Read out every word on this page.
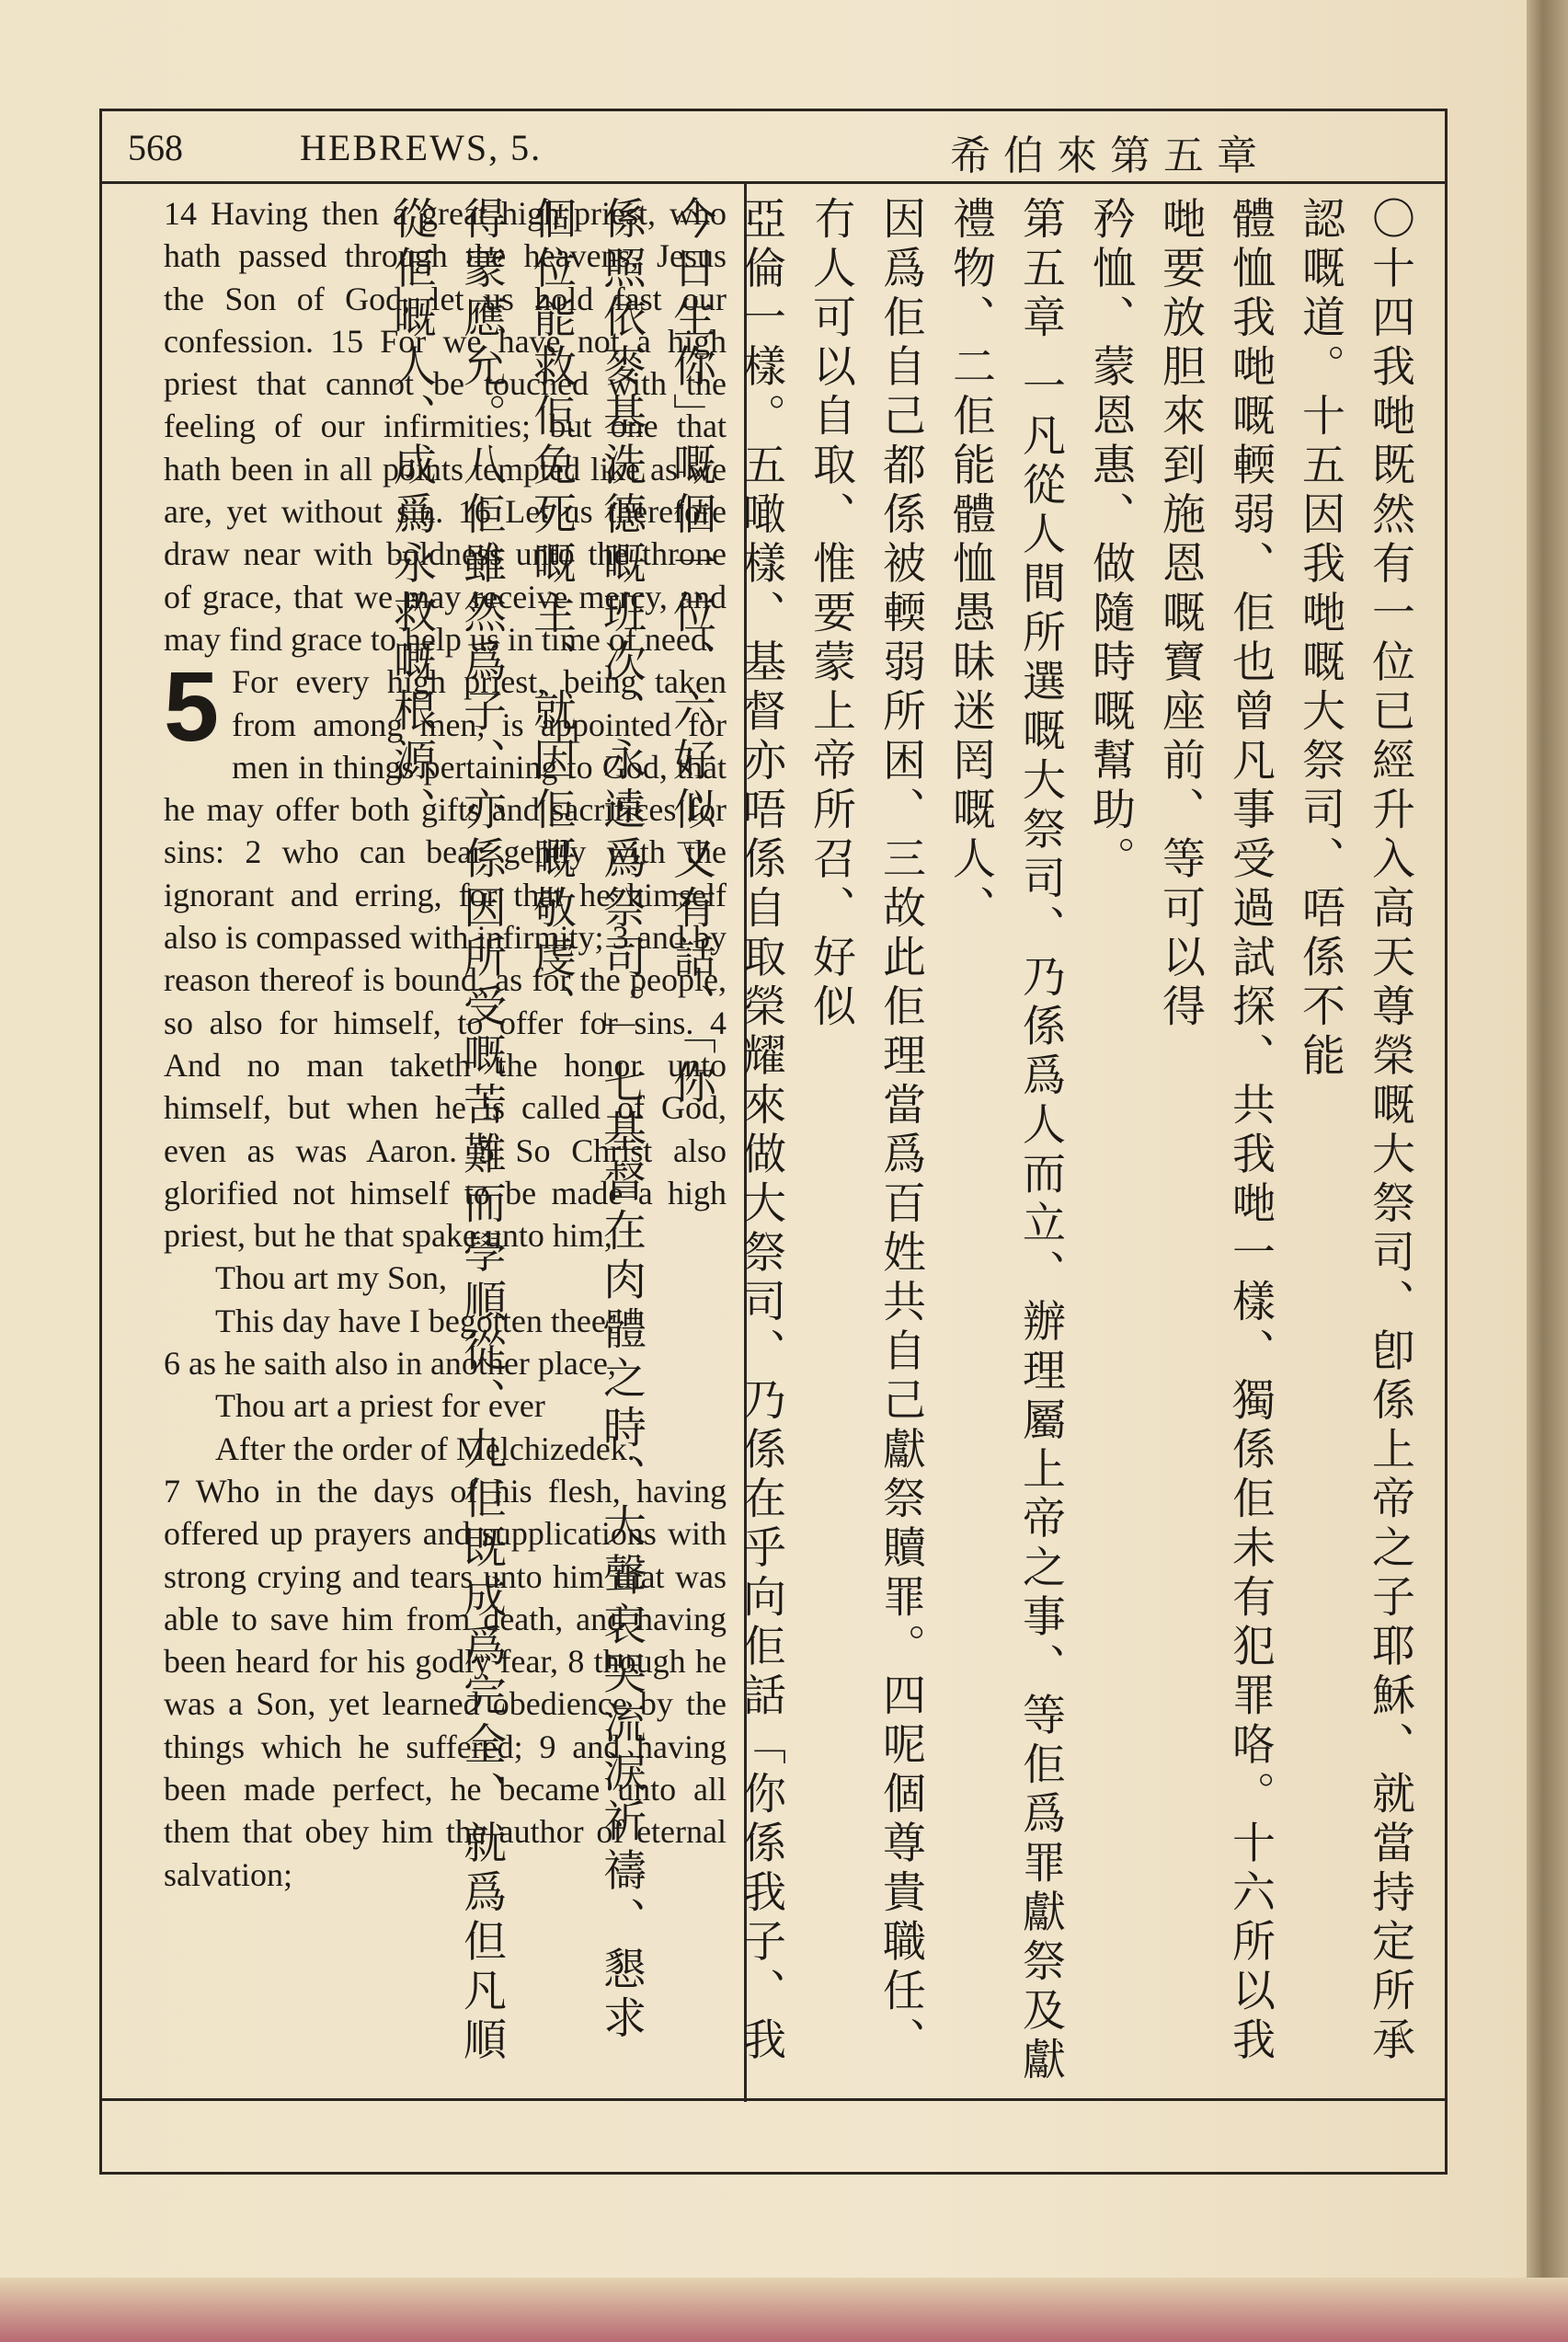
568	HEBREWS, 5.	希伯來第五章

14 Having then a great high priest, who hath passed through the heavens, Jesus the Son of God, let us hold fast our confession. 15 For we have not a high priest that cannot be touched with the feeling of our infirmities; but one that hath been in all points tempted like as we are, yet without sin. 16 Let us therefore draw near with boldness unto the throne of grace, that we may receive mercy, and may find grace to help us in time of need.

5 For every high priest, being taken from among men, is appointed for men in things pertaining to God, that he may offer both gifts and sacrifices for sins: 2 who can bear gently with the ignorant and erring, for that he himself also is compassed with infirmity; 3 and by reason thereof is bound, as for the people, so also for himself, to offer for sins. 4 And no man taketh the honor unto himself, but when he is called of God, even as was Aaron. 5 So Christ also glorified not himself to be made a high priest, but he that spake unto him,

Thou art my Son,

This day have I begotten thee:

6 as he saith also in another place,

Thou art a priest for ever

After the order of Melchizedek.

7 Who in the days of his flesh, having offered up prayers and supplications with strong crying and tears unto him that was able to save him from death, and having been heard for his godly fear, 8 though he was a Son, yet learned obedience by the things which he suffered; 9 and having been made perfect, he became unto all them that obey him the author of eternal salvation;	〇十四我哋既然有一位已經升入高天尊榮嘅大祭司、卽係上帝之子耶穌、就當持定所承認嘅道。十五因我哋嘅大祭司、唔係不能
體恤我哋嘅輭弱、佢也曾凡事受過試探、共我哋一樣、獨係佢未有犯罪咯。十六所以我哋要放胆來到施恩嘅寶座前、等可以得
矜恤、蒙恩惠、做隨時嘅幫助。
第五章 一凡從人間所選嘅大祭司、乃係爲人而立、辦理屬上帝之事、等佢爲罪獻祭及獻禮物、二佢能體恤愚昧迷罔嘅人、
因爲佢自己都係被輭弱所困、三故此佢理當爲百姓共自己獻祭贖罪。四呢個尊貴職任、冇人可以自取、惟要蒙上帝所召、好似
亞倫一樣。五噉樣、基督亦唔係自取榮耀來做大祭司、乃係在乎向佢話「你係我子、我今日生你」嘅個一位、六好似又有話、「你
係照依麥基洗德嘅班次、永遠爲祭司。」七基督在肉體之時、大聲哀哭流淚祈禱、懇求個位能救佢免死嘅主、就因佢嘅敬虔、
得蒙應允。八佢雖然爲子、亦係因所受嘅苦難而學順從、九佢既成爲完全、就爲但凡順從佢嘅人、成爲永救嘅根源、
